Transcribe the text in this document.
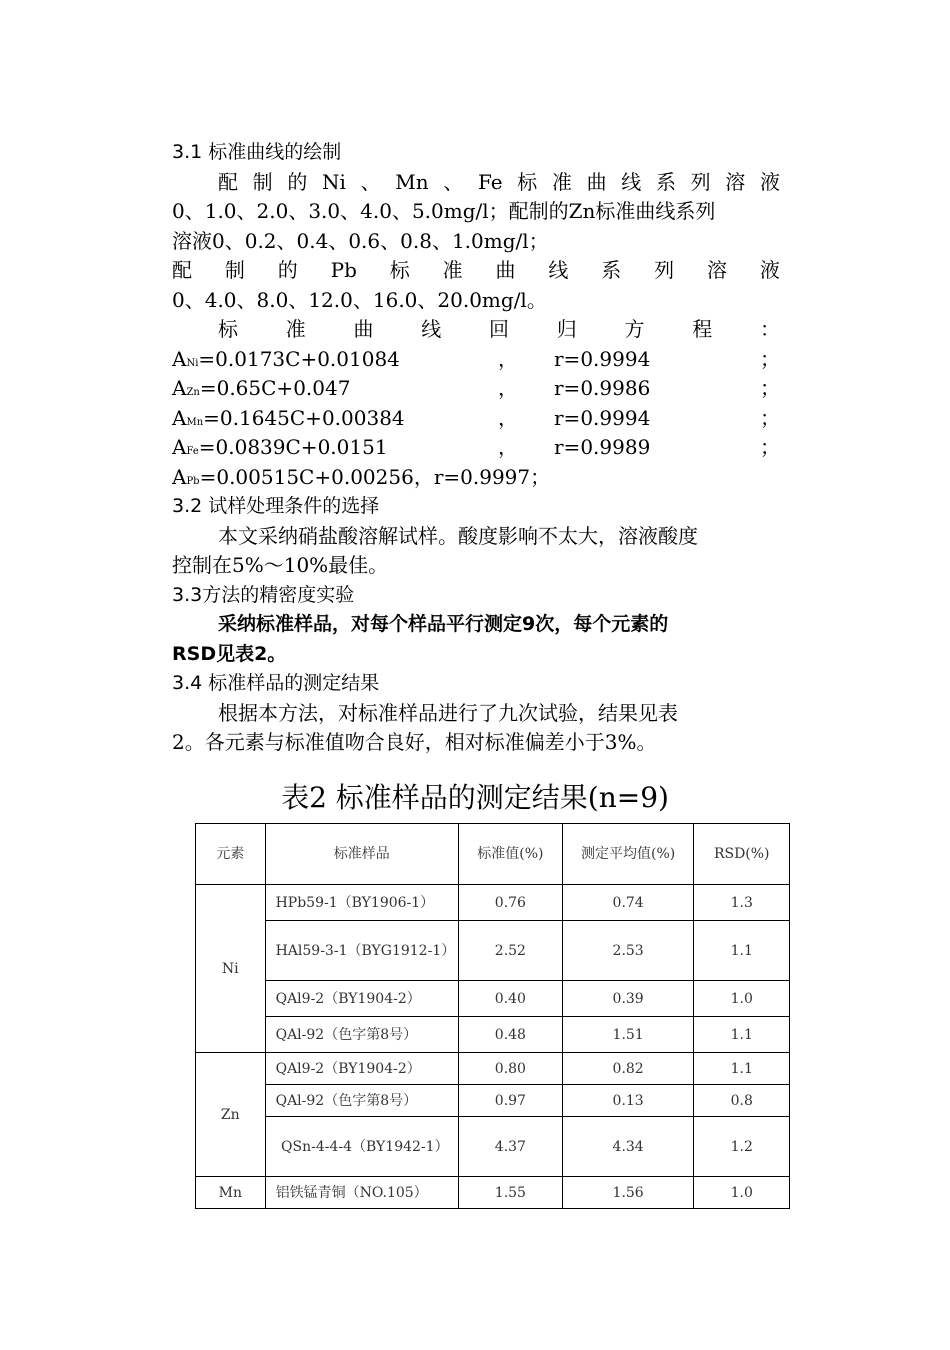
3.1 标准曲线的绘制
配 制 的 Ni 、 Mn 、 Fe 标 准 曲 线 系 列 溶 液
0、1.0、2.0、3.0、4.0、5.0mg/l；配制的Zn标准曲线系列
溶液0、0.2、0.4、0.6、0.8、1.0mg/l；
配 制 的 Pb 标 准 曲 线 系 列 溶 液
0、4.0、8.0、12.0、16.0、20.0mg/l。
标 准 曲 线 回 归 方 程 ：
ANi=0.0173C+0.01084	， r=0.9994	；
AZn=0.65C+0.047	， r=0.9986	；
AMn=0.1645C+0.00384	， r=0.9994	；
AFe=0.0839C+0.0151	， r=0.9989	；
APb=0.00515C+0.00256，r=0.9997；
3.2 试样处理条件的选择
本文采纳硝盐酸溶解试样。酸度影响不太大，溶液酸度
控制在5%～10%最佳。
3.3方法的精密度实验
采纳标准样品，对每个样品平行测定9次，每个元素的
RSD见表2。
3.4 标准样品的测定结果
根据本方法，对标准样品进行了九次试验，结果见表
2。各元素与标准值吻合良好，相对标准偏差小于3%。
表2 标准样品的测定结果(n=9)
元素	标准样品	标准值(%)	测定平均值(%)	RSD(%)
Ni	HPb59-1（BY1906-1）	0.76	0.74	1.3
	HAl59-3-1（BYG1912-1）	2.52	2.53	1.1
	QAl9-2（BY1904-2）	0.40	0.39	1.0
	QAl-92（色字第8号）	0.48	1.51	1.1
Zn	QAl9-2（BY1904-2）	0.80	0.82	1.1
	QAl-92（色字第8号）	0.97	0.13	0.8
	QSn-4-4-4（BY1942-1）	4.37	4.34	1.2
Mn	铝铁锰青铜（NO.105）	1.55	1.56	1.0
